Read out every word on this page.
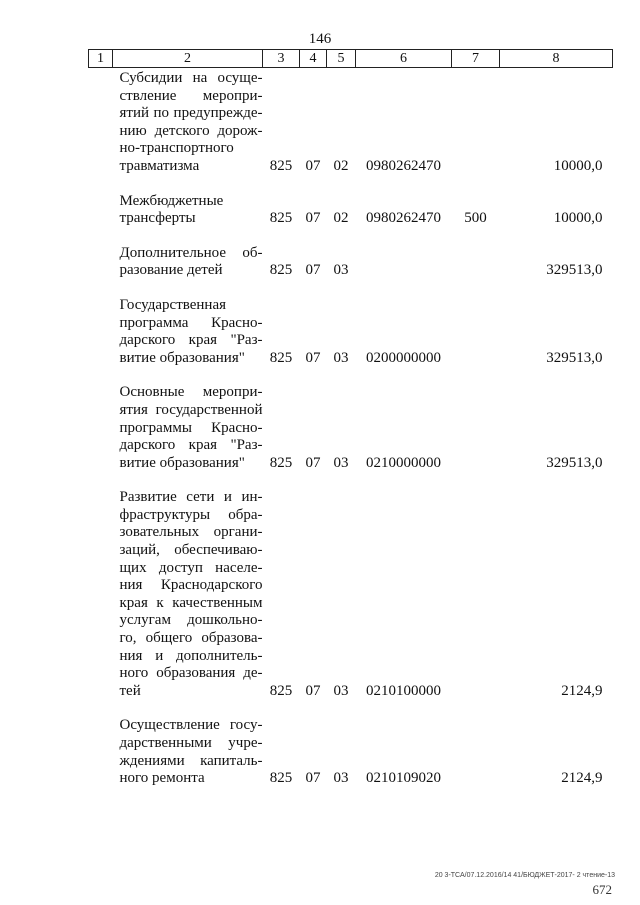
146
1	2	3	4	5	6	7	8
	Субсидии на осуще-ствление меропри-ятий по предупрежде-нию детского дорож-но-транспортного травматизма	825	07	02	0980262470		10000,0
	Межбюджетные трансферты	825	07	02	0980262470	500	10000,0
	Дополнительное об-разование детей	825	07	03			329513,0
	Государственная программа Красно-дарского края "Раз-витие образования"	825	07	03	0200000000		329513,0
	Основные меропри-ятия государственной программы Красно-дарского края "Раз-витие образования"	825	07	03	0210000000		329513,0
	Развитие сети и ин-фраструктуры обра-зовательных органи-заций, обеспечиваю-щих доступ населе-ния Краснодарского края к качественным услугам дошкольно-го, общего образова-ния и дополнитель-ного образования де-тей	825	07	03	0210100000		2124,9
	Осуществление госу-дарственными учре-ждениями капиталь-ного ремонта	825	07	03	0210109020		2124,9
20 3-ТСА/07.12.2016/14 41/БЮДЖЕТ-2017- 2 чтение-13
672
